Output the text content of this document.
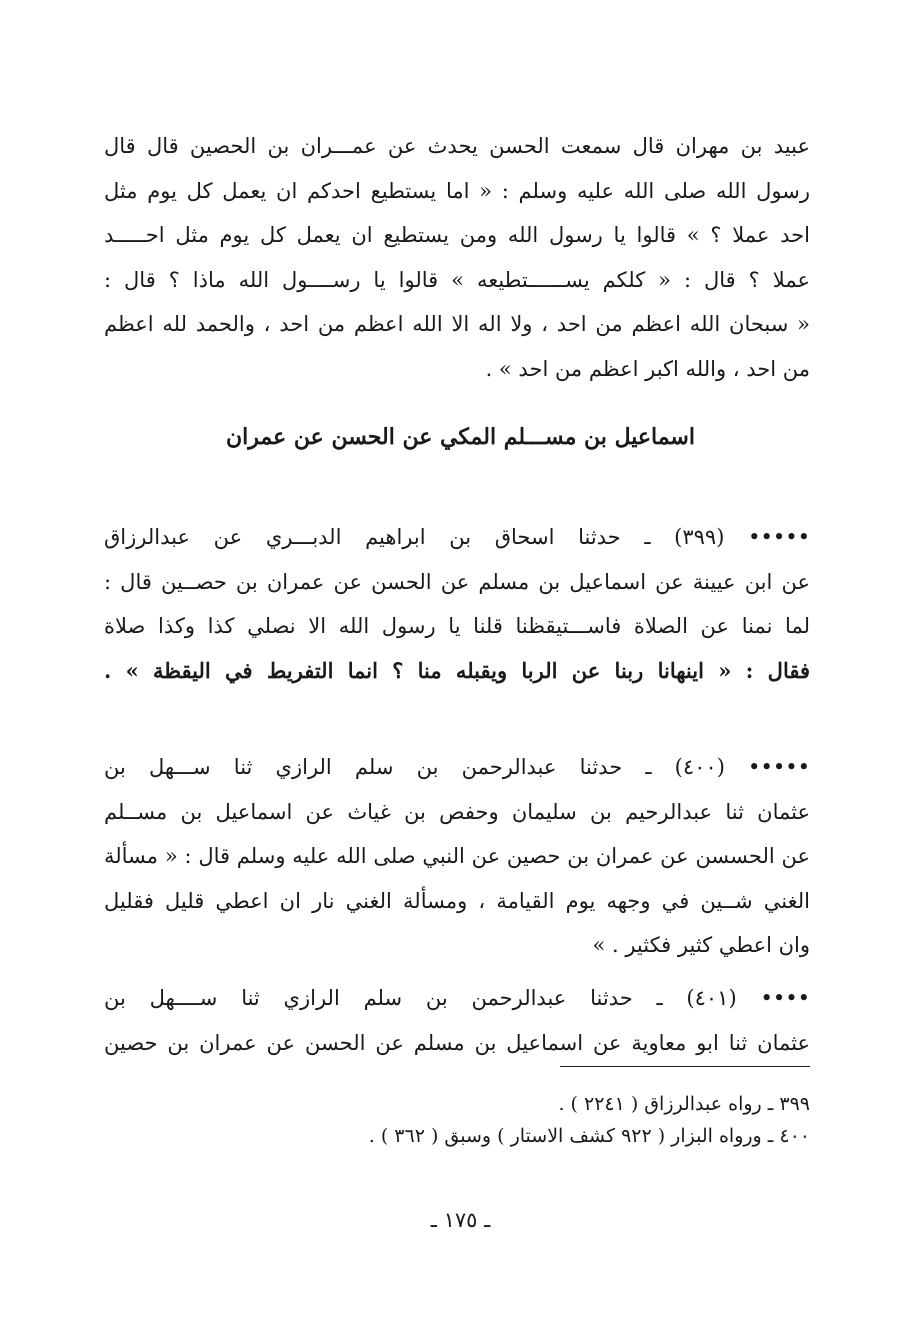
عبيد بن مهران قال سمعت الحسن يحدث عن عمـــران بن الحصين قال قال
رسول الله صلى الله عليه وسلم : « اما يستطيع احدكم ان يعمل كل يوم مثل
احد عملا ؟ » قالوا يا رسول الله ومن يستطيع ان يعمل كل يوم مثل احـــــد
عملا ؟ قال : « كلكم يســــــتطيعه » قالوا يا رســــول الله ماذا ؟ قال :
« سبحان الله اعظم من احد ، ولا اله الا الله اعظم من احد ، والحمد لله اعظم
من احد ، والله اكبر اعظم من احد » .
اسماعيل بن مســـلم المكي عن الحسن عن عمران
••••• (٣٩٩) ـ حدثنا اسحاق بن ابراهيم الدبـــري عن عبدالرزاق
عن ابن عيينة عن اسماعيل بن مسلم عن الحسن عن عمران بن حصــين قال :
لما نمنا عن الصلاة فاســـتيقظنا قلنا يا رسول الله الا نصلي كذا وكذا صلاة
فقال : « اينهانا ربنا عن الربا ويقبله منا ؟ انما التفريط في اليقظة » .
••••• (٤٠٠) ـ حدثنا عبدالرحمن بن سلم الرازي ثنا ســـهل بن
عثمان ثنا عبدالرحيم بن سليمان وحفص بن غياث عن اسماعيل بن مســلم
عن الحسسن عن عمران بن حصين عن النبي صلى الله عليه وسلم قال : « مسألة
الغني شــين في وجهه يوم القيامة ، ومسألة الغني نار ان اعطي قليل فقليل
وان اعطي كثير فكثير . »
•••• (٤٠١) ـ حدثنا عبدالرحمن بن سلم الرازي ثنا ســــهل بن
عثمان ثنا ابو معاوية عن اسماعيل بن مسلم عن الحسن عن عمران بن حصين
٣٩٩ ـ رواه عبدالرزاق ( ٢٢٤١ ) .
٤٠٠ ـ ورواه البزار ( ٩٢٢ كشف الاستار ) وسبق ( ٣٦٢ ) .
ـ ١٧٥ ـ
